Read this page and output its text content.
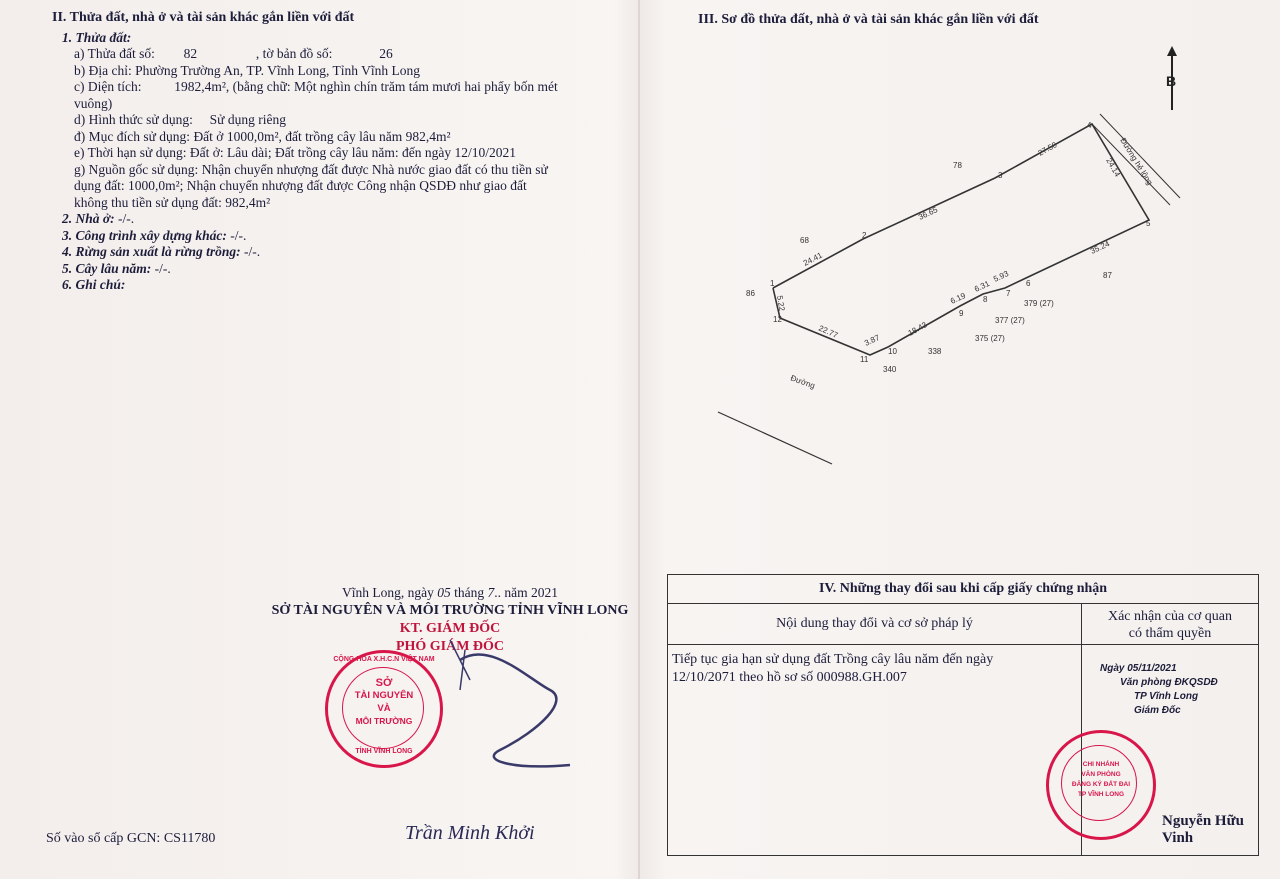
II. Thửa đất, nhà ở và tài sản khác gắn liền với đất
1. Thửa đất:
a) Thửa đất số: 82	, tờ bản đồ số:	26
b) Địa chỉ: Phường Trường An, TP. Vĩnh Long, Tỉnh Vĩnh Long
c) Diện tích: 1982,4m², (bằng chữ: Một nghìn chín trăm tám mươi hai phẩy bốn mét
vuông)
d) Hình thức sử dụng: Sử dụng riêng
đ) Mục đích sử dụng: Đất ở 1000,0m², đất trồng cây lâu năm 982,4m²
e) Thời hạn sử dụng: Đất ở: Lâu dài; Đất trồng cây lâu năm: đến ngày 12/10/2021
g) Nguồn gốc sử dụng: Nhận chuyển nhượng đất được Nhà nước giao đất có thu tiền sử
dụng đất: 1000,0m²; Nhận chuyển nhượng đất được Công nhận QSDĐ như giao đất
không thu tiền sử dụng đất: 982,4m²
2. Nhà ở: -/-.
3. Công trình xây dựng khác: -/-.
4. Rừng sản xuất là rừng trồng: -/-.
5. Cây lâu năm: -/-.
6. Ghi chú:
Vĩnh Long, ngày 05 tháng 7.. năm 2021
SỞ TÀI NGUYÊN VÀ MÔI TRƯỜNG TỈNH VĨNH LONG
KT. GIÁM ĐỐC
PHÓ GIÁM ĐỐC
CỘNG HÒA X.H.C.N VIỆT NAM
SỞ
TÀI NGUYÊN
VÀ
MÔI TRƯỜNG
TỈNH VĨNH LONG
Trần Minh Khởi
Số vào sổ cấp GCN: CS11780
III. Sơ đồ thửa đất, nhà ở và tài sản khác gắn liền với đất
B
Đường hẻ lộng
Đường
78
68
86
87
338
340
375 (27)
377 (27)
379 (27)
1
2
3
4
5
6
7
8
9
10
11
12
24.41
36.65
27.50
24.14
35.24
5.93
6.31
6.19
18.43
3.87
22.77
5.22
IV. Những thay đổi sau khi cấp giấy chứng nhận
Nội dung thay đổi và cơ sở pháp lý	Xác nhận của cơ quan
có thẩm quyền
Tiếp tục gia hạn sử dụng đất Trồng cây lâu năm đến ngày
12/10/2071 theo hồ sơ số 000988.GH.007
Ngày 05/11/2021
Văn phòng ĐKQSDĐ
TP Vĩnh Long
Giám Đốc
Nguyễn Hữu Vinh
CHI NHÁNH
VĂN PHÒNG
ĐĂNG KÝ ĐẤT ĐAI
TP VĨNH LONG
